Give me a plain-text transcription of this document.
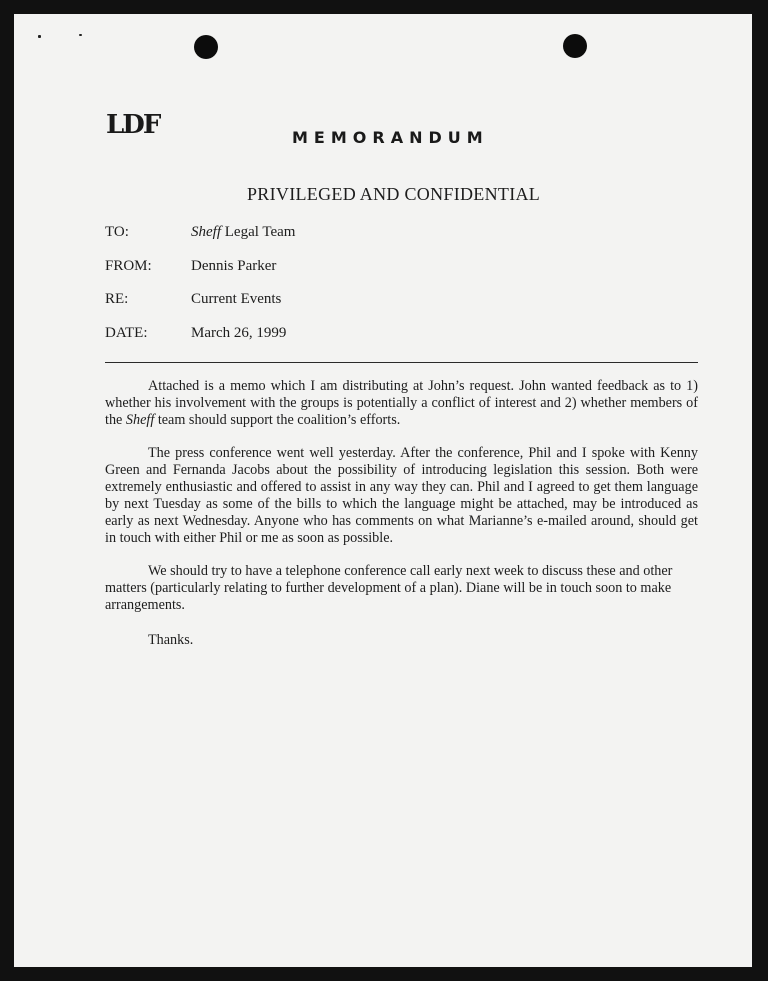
LDF	MEMORANDUM
PRIVILEGED AND CONFIDENTIAL
TO:	Sheff Legal Team
FROM:	Dennis Parker
RE:	Current Events
DATE:	March 26, 1999

Attached is a memo which I am distributing at John’s request. John wanted feedback as to 1) whether his involvement with the groups is potentially a conflict of interest and 2) whether members of the Sheff team should support the coalition’s efforts.

The press conference went well yesterday. After the conference, Phil and I spoke with Kenny Green and Fernanda Jacobs about the possibility of introducing legislation this session. Both were extremely enthusiastic and offered to assist in any way they can. Phil and I agreed to get them language by next Tuesday as some of the bills to which the language might be attached, may be introduced as early as next Wednesday. Anyone who has comments on what Marianne’s e-mailed around, should get in touch with either Phil or me as soon as possible.

We should try to have a telephone conference call early next week to discuss these and other matters (particularly relating to further development of a plan). Diane will be in touch soon to make arrangements.

Thanks.
